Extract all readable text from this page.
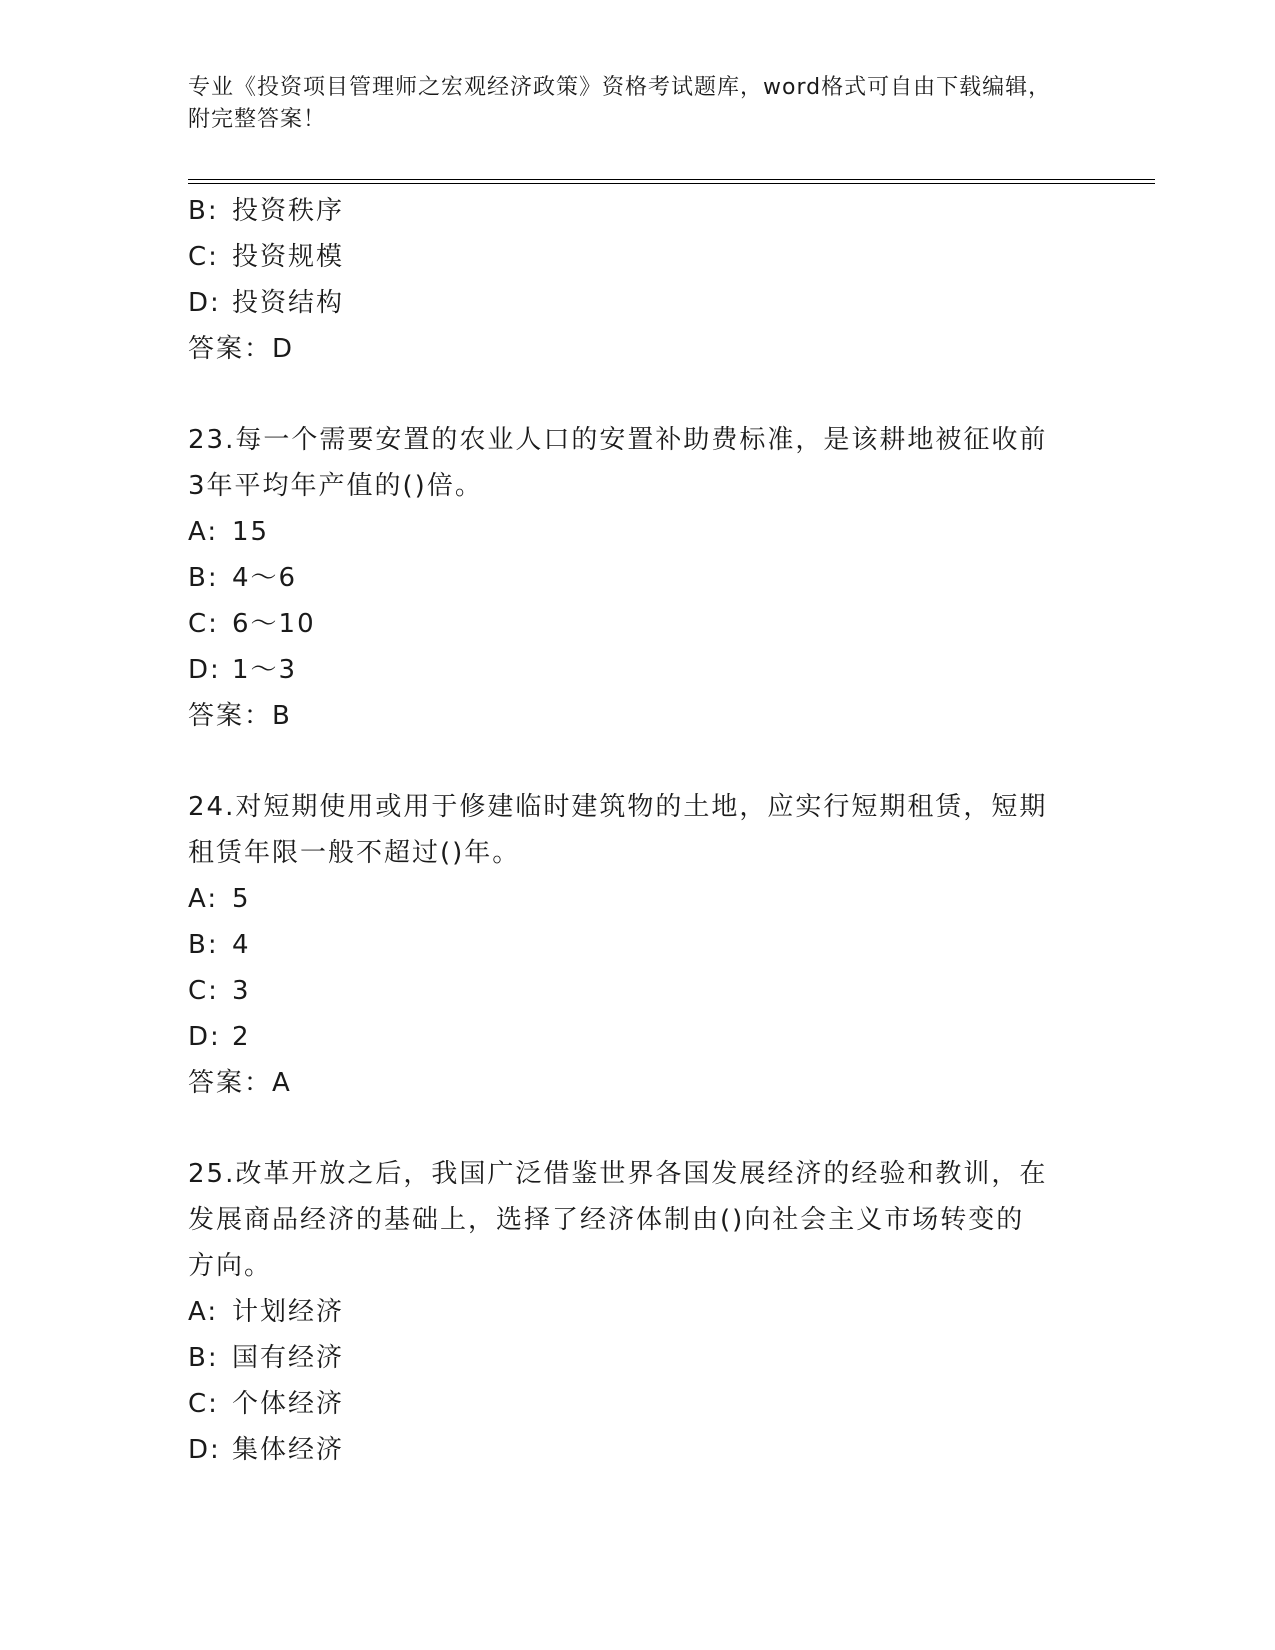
专业《投资项目管理师之宏观经济政策》资格考试题库，word格式可自由下载编辑，附完整答案！
B: 投资秩序
C: 投资规模
D: 投资结构
答案：D
23.每一个需要安置的农业人口的安置补助费标准，是该耕地被征收前
3年平均年产值的()倍。
A: 15
B: 4～6
C: 6～10
D: 1～3
答案：B
24.对短期使用或用于修建临时建筑物的土地，应实行短期租赁，短期
租赁年限一般不超过()年。
A: 5
B: 4
C: 3
D: 2
答案：A
25.改革开放之后，我国广泛借鉴世界各国发展经济的经验和教训，在
发展商品经济的基础上，选择了经济体制由()向社会主义市场转变的
方向。
A: 计划经济
B: 国有经济
C: 个体经济
D: 集体经济
